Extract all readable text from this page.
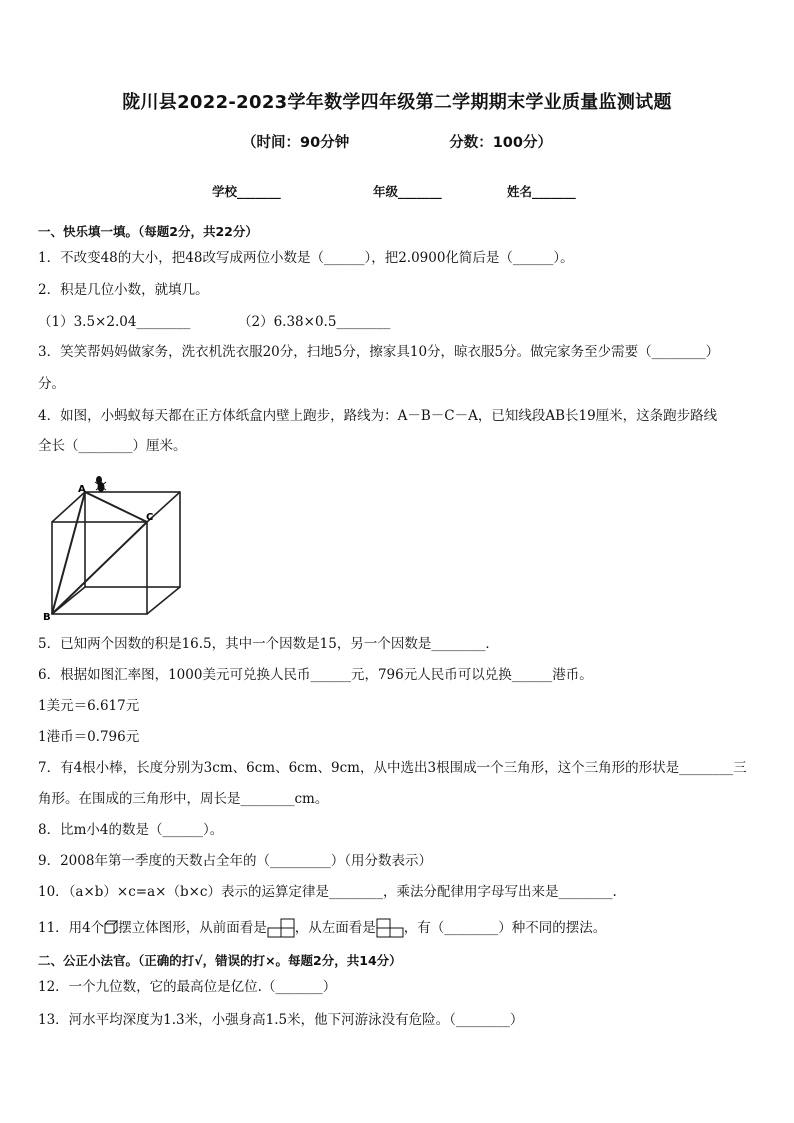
陇川县2022-2023学年数学四年级第二学期期末学业质量监测试题
（时间：90分钟	分数：100分）
学校_______	年级_______	姓名_______
一、快乐填一填。（每题2分，共22分）
1．不改变48的大小，把48改写成两位小数是（______），把2.0900化简后是（______）。
2．积是几位小数，就填几。
（1）3.5×2.04________	（2）6.38×0.5________
3．笑笑帮妈妈做家务，洗衣机洗衣服20分，扫地5分，擦家具10分，晾衣服5分。做完家务至少需要（________）
分。
4．如图，小蚂蚁每天都在正方体纸盒内壁上跑步，路线为：A－B－C－A，已知线段AB长19厘米，这条跑步路线
全长（________）厘米。
A
B
C
5．已知两个因数的积是16.5，其中一个因数是15，另一个因数是________．
6．根据如图汇率图，1000美元可兑换人民币______元，796元人民币可以兑换______港币。
1美元＝6.617元
1港币＝0.796元
7．有4根小棒，长度分别为3cm、6cm、6cm、9cm，从中选出3根围成一个三角形，这个三角形的形状是________三
角形。在围成的三角形中，周长是________cm。
8．比m小4的数是（______）。
9．2008年第一季度的天数占全年的（_________）（用分数表示）
10．（a×b）×c=a×（b×c）表示的运算定律是________，乘法分配律用字母写出来是________.
11．用4个 摆立体图形，从前面看是 ，从左面看是 ，有（________）种不同的摆法。
二、公正小法官。（正确的打√，错误的打×。每题2分，共14分）
12．一个九位数，它的最高位是亿位.（_______）
13．河水平均深度为1.3米，小强身高1.5米，他下河游泳没有危险。（________）
